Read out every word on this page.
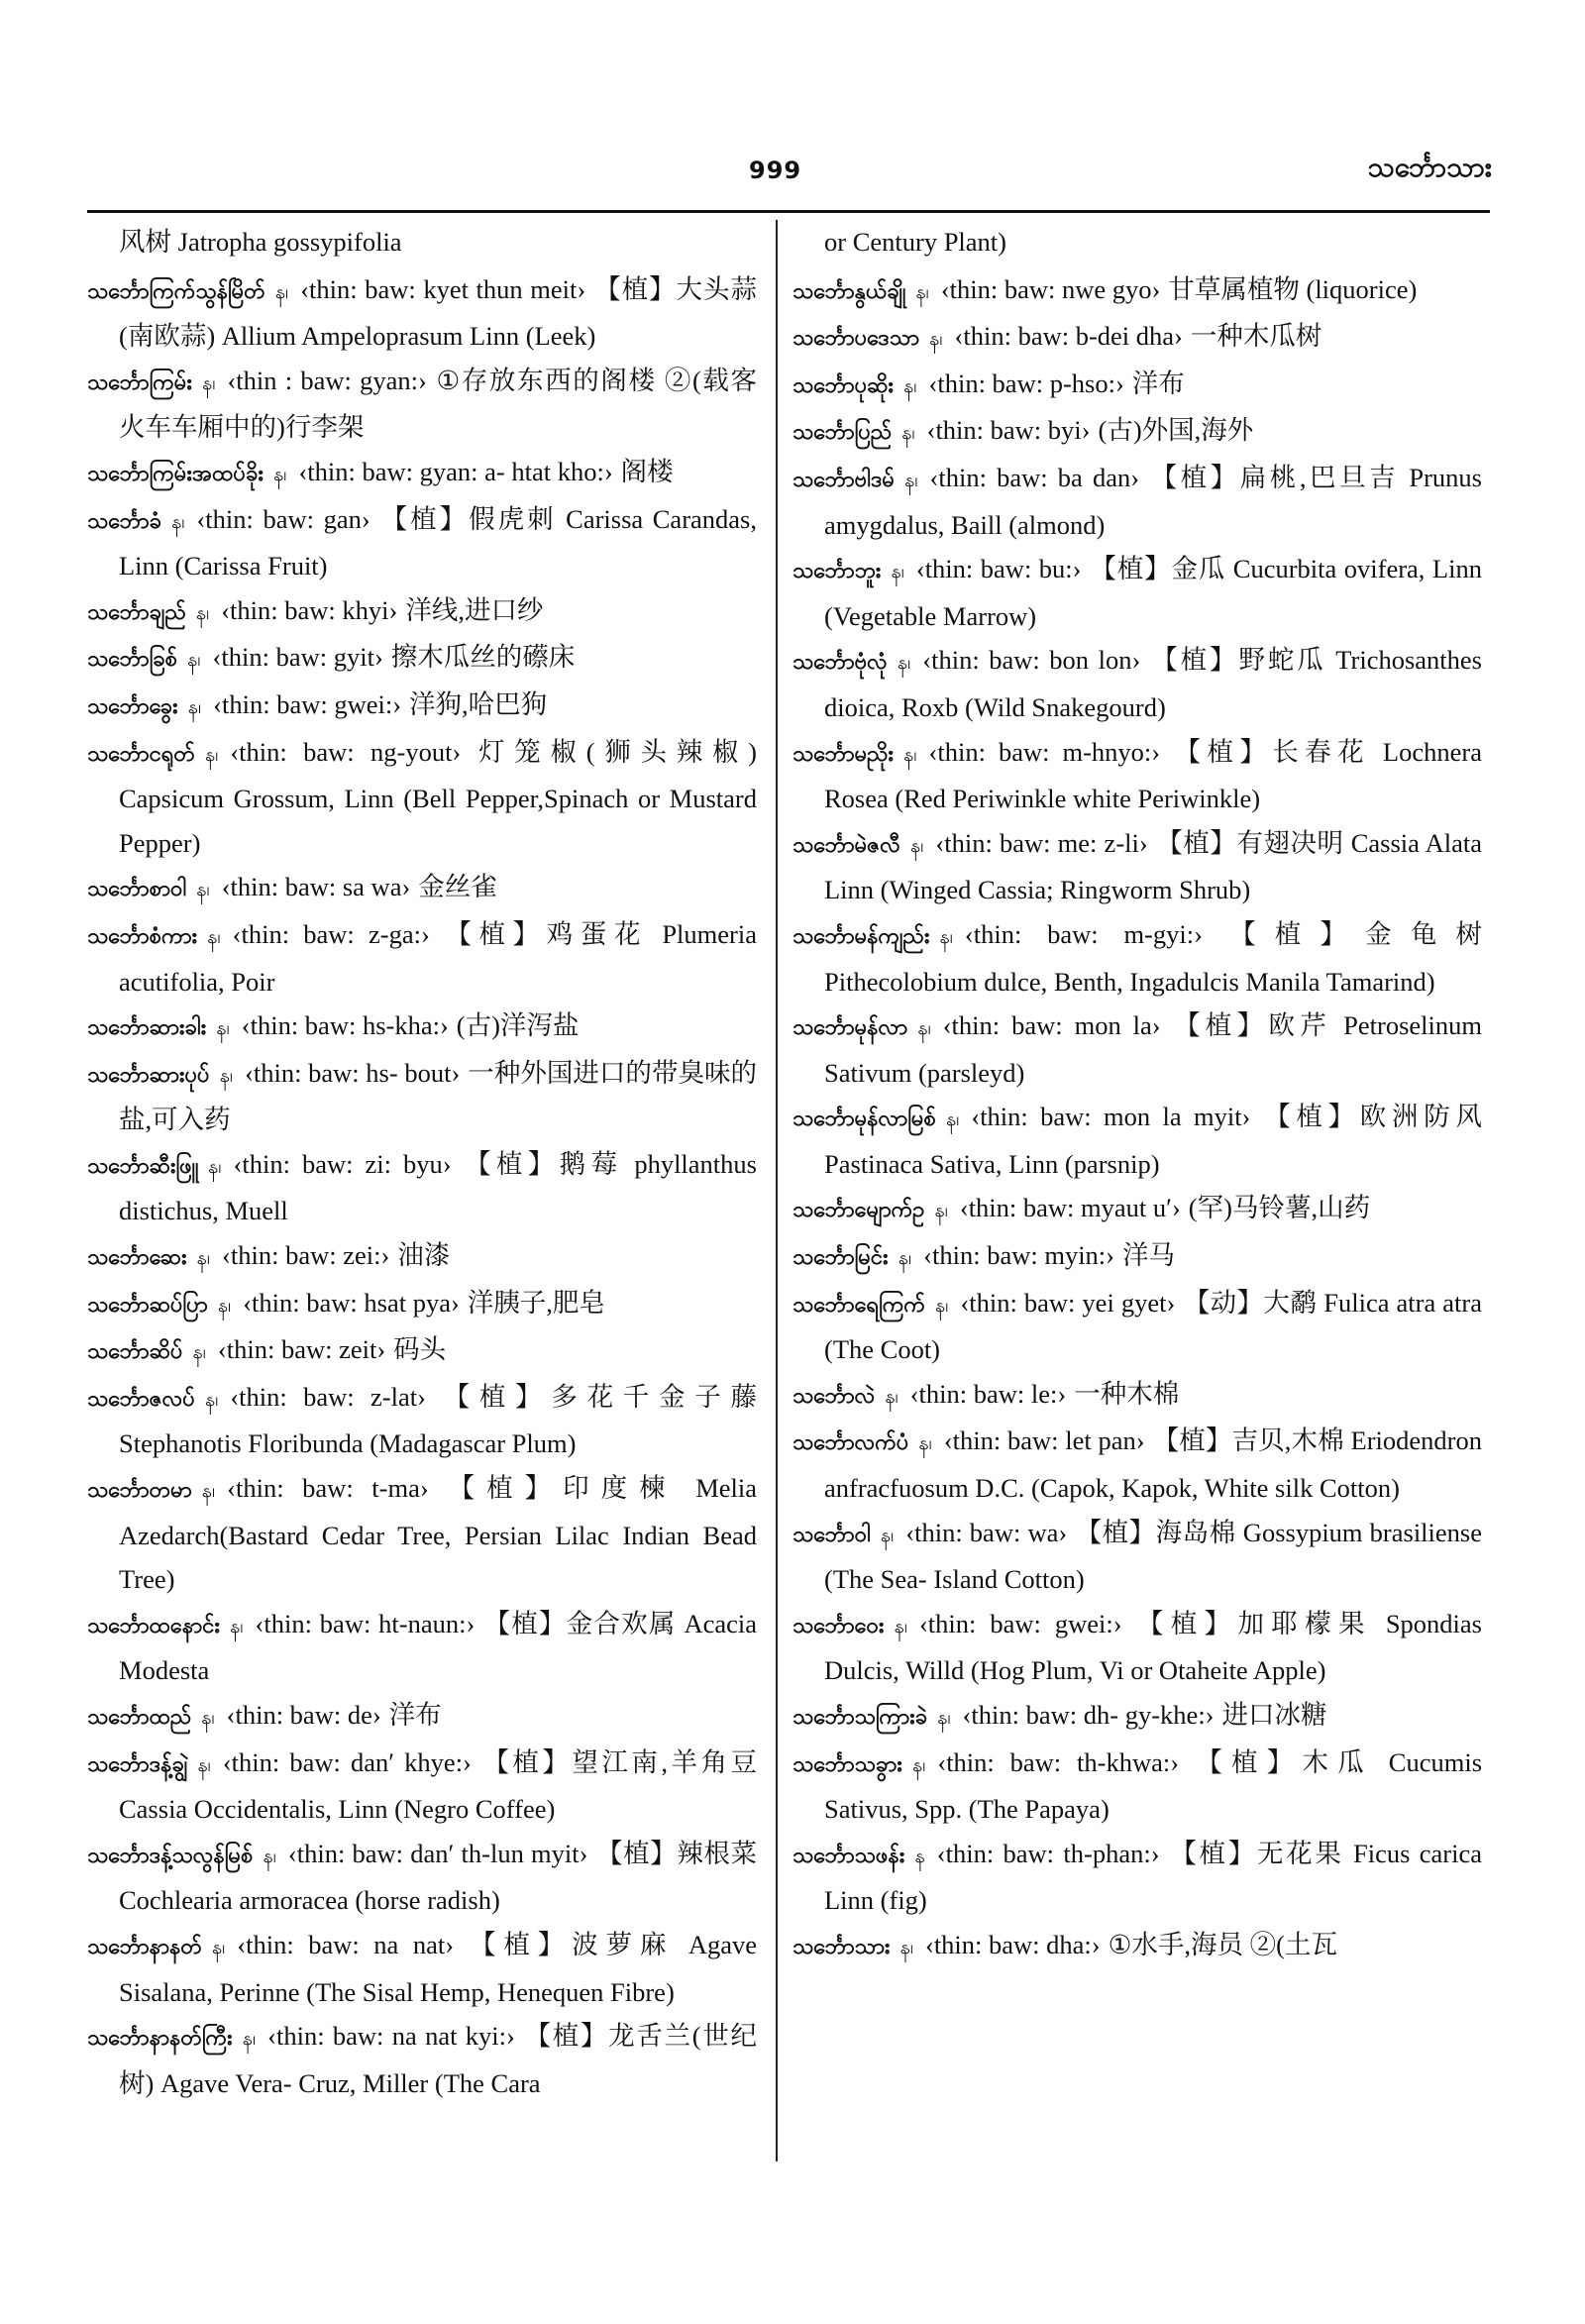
999	သင်္ဘောသား

风树 Jatropha gossypifolia

သင်္ဘောကြက်သွန်မြိတ် န၊ ‹thin: baw: kyet thun meit› 【植】大头蒜(南欧蒜) Allium Ampeloprasum Linn (Leek)

သင်္ဘောကြမ်း န၊ ‹thin : baw: gyan:› ①存放东西的阁楼 ②(载客火车车厢中的)行李架

သင်္ဘောကြမ်းအထပ်ခိုး န၊ ‹thin: baw: gyan: a- htat kho:› 阁楼

သင်္ဘောခံ န၊ ‹thin: baw: gan› 【植】假虎刺 Carissa Carandas, Linn (Carissa Fruit)

သင်္ဘောချည် န၊ ‹thin: baw: khyi› 洋线,进口纱

သင်္ဘောခြစ် န၊ ‹thin: baw: gyit› 擦木瓜丝的礤床

သင်္ဘောခွေး န၊ ‹thin: baw: gwei:› 洋狗,哈巴狗

သင်္ဘောငရုတ် န၊ ‹thin: baw: ng-yout› 灯笼椒(狮头辣椒) Capsicum Grossum, Linn (Bell Pepper,Spinach or Mustard Pepper)

သင်္ဘောစာဝါ န၊ ‹thin: baw: sa wa› 金丝雀

သင်္ဘောစံကား န၊ ‹thin: baw: z-ga:› 【植】鸡蛋花 Plumeria acutifolia, Poir

သင်္ဘောဆားခါး န၊ ‹thin: baw: hs-kha:› (古)洋泻盐

သင်္ဘောဆားပုပ် န၊ ‹thin: baw: hs- bout› 一种外国进口的带臭味的盐,可入药

သင်္ဘောဆီးဖြူ န၊ ‹thin: baw: zi: byu› 【植】鹅莓 phyllanthus distichus, Muell

သင်္ဘောဆေး န၊ ‹thin: baw: zei:› 油漆

သင်္ဘောဆပ်ပြာ န၊ ‹thin: baw: hsat pya› 洋胰子,肥皂

သင်္ဘောဆိပ် န၊ ‹thin: baw: zeit› 码头

သင်္ဘောဇလပ် န၊ ‹thin: baw: z-lat› 【植】多花千金子藤 Stephanotis Floribunda (Madagascar Plum)

သင်္ဘောတမာ န၊ ‹thin: baw: t-ma› 【植】印度楝 Melia Azedarch(Bastard Cedar Tree, Persian Lilac Indian Bead Tree)

သင်္ဘောထနောင်း န၊ ‹thin: baw: ht-naun:› 【植】金合欢属 Acacia Modesta

သင်္ဘောထည် န၊ ‹thin: baw: de› 洋布

သင်္ဘောဒန့်ချွဲ န၊ ‹thin: baw: dan′ khye:› 【植】望江南,羊角豆 Cassia Occidentalis, Linn (Negro Coffee)

သင်္ဘောဒန့်သလွန်မြစ် န၊ ‹thin: baw: dan′ th-lun myit› 【植】辣根菜 Cochlearia armoracea (horse radish)

သင်္ဘောနာနတ် န၊ ‹thin: baw: na nat› 【植】波萝麻 Agave Sisalana, Perinne (The Sisal Hemp, Henequen Fibre)

သင်္ဘောနာနတ်ကြီး န၊ ‹thin: baw: na nat kyi:› 【植】龙舌兰(世纪树) Agave Vera- Cruz, Miller (The Cara

or Century Plant)

သင်္ဘောနွယ်ချို န၊ ‹thin: baw: nwe gyo› 甘草属植物 (liquorice)

သင်္ဘောပဒေသာ န၊ ‹thin: baw: b-dei dha› 一种木瓜树

သင်္ဘောပုဆိုး န၊ ‹thin: baw: p-hso:› 洋布

သင်္ဘောပြည် န၊ ‹thin: baw: byi› (古)外国,海外

သင်္ဘောဗါဒမ် န၊ ‹thin: baw: ba dan› 【植】扁桃,巴旦吉 Prunus amygdalus, Baill (almond)

သင်္ဘောဘူး န၊ ‹thin: baw: bu:› 【植】金瓜 Cucurbita ovifera, Linn (Vegetable Marrow)

သင်္ဘောဗုံလုံ န၊ ‹thin: baw: bon lon› 【植】野蛇瓜 Trichosanthes dioica, Roxb (Wild Snakegourd)

သင်္ဘောမညိုး န၊ ‹thin: baw: m-hnyo:› 【植】长春花 Lochnera Rosea (Red Periwinkle white Periwinkle)

သင်္ဘောမဲဇလီ န၊ ‹thin: baw: me: z-li› 【植】有翅决明 Cassia Alata Linn (Winged Cassia; Ringworm Shrub)

သင်္ဘောမန်ကျည်း န၊ ‹thin: baw: m-gyi:› 【植】金龟树 Pithecolobium dulce, Benth, Ingadulcis Manila Tamarind)

သင်္ဘောမုန်လာ န၊ ‹thin: baw: mon la› 【植】欧芹 Petroselinum Sativum (parsleyd)

သင်္ဘောမုန်လာမြစ် န၊ ‹thin: baw: mon la myit› 【植】欧洲防风 Pastinaca Sativa, Linn (parsnip)

သင်္ဘောမျောက်ဥ န၊ ‹thin: baw: myaut u′› (罕)马铃薯,山药

သင်္ဘောမြင်း န၊ ‹thin: baw: myin:› 洋马

သင်္ဘောရေကြက် န၊ ‹thin: baw: yei gyet› 【动】大鹬 Fulica atra atra (The Coot)

သင်္ဘောလဲ န၊ ‹thin: baw: le:› 一种木棉

သင်္ဘောလက်ပံ န၊ ‹thin: baw: let pan› 【植】吉贝,木棉 Eriodendron anfracfuosum D.C. (Capok, Kapok, White silk Cotton)

သင်္ဘောဝါ န၊ ‹thin: baw: wa› 【植】海岛棉 Gossypium brasiliense (The Sea- Island Cotton)

သင်္ဘောဝေး န၊ ‹thin: baw: gwei:› 【植】加耶檬果 Spondias Dulcis, Willd (Hog Plum, Vi or Otaheite Apple)

သင်္ဘောသကြားခဲ န၊ ‹thin: baw: dh- gy-khe:› 进口冰糖

သင်္ဘောသခွား န၊ ‹thin: baw: th-khwa:› 【植】木瓜 Cucumis Sativus, Spp. (The Papaya)

သင်္ဘောသဖန်း န ‹thin: baw: th-phan:› 【植】无花果 Ficus carica Linn (fig)

သင်္ဘောသား န၊ ‹thin: baw: dha:› ①水手,海员 ②(土瓦
